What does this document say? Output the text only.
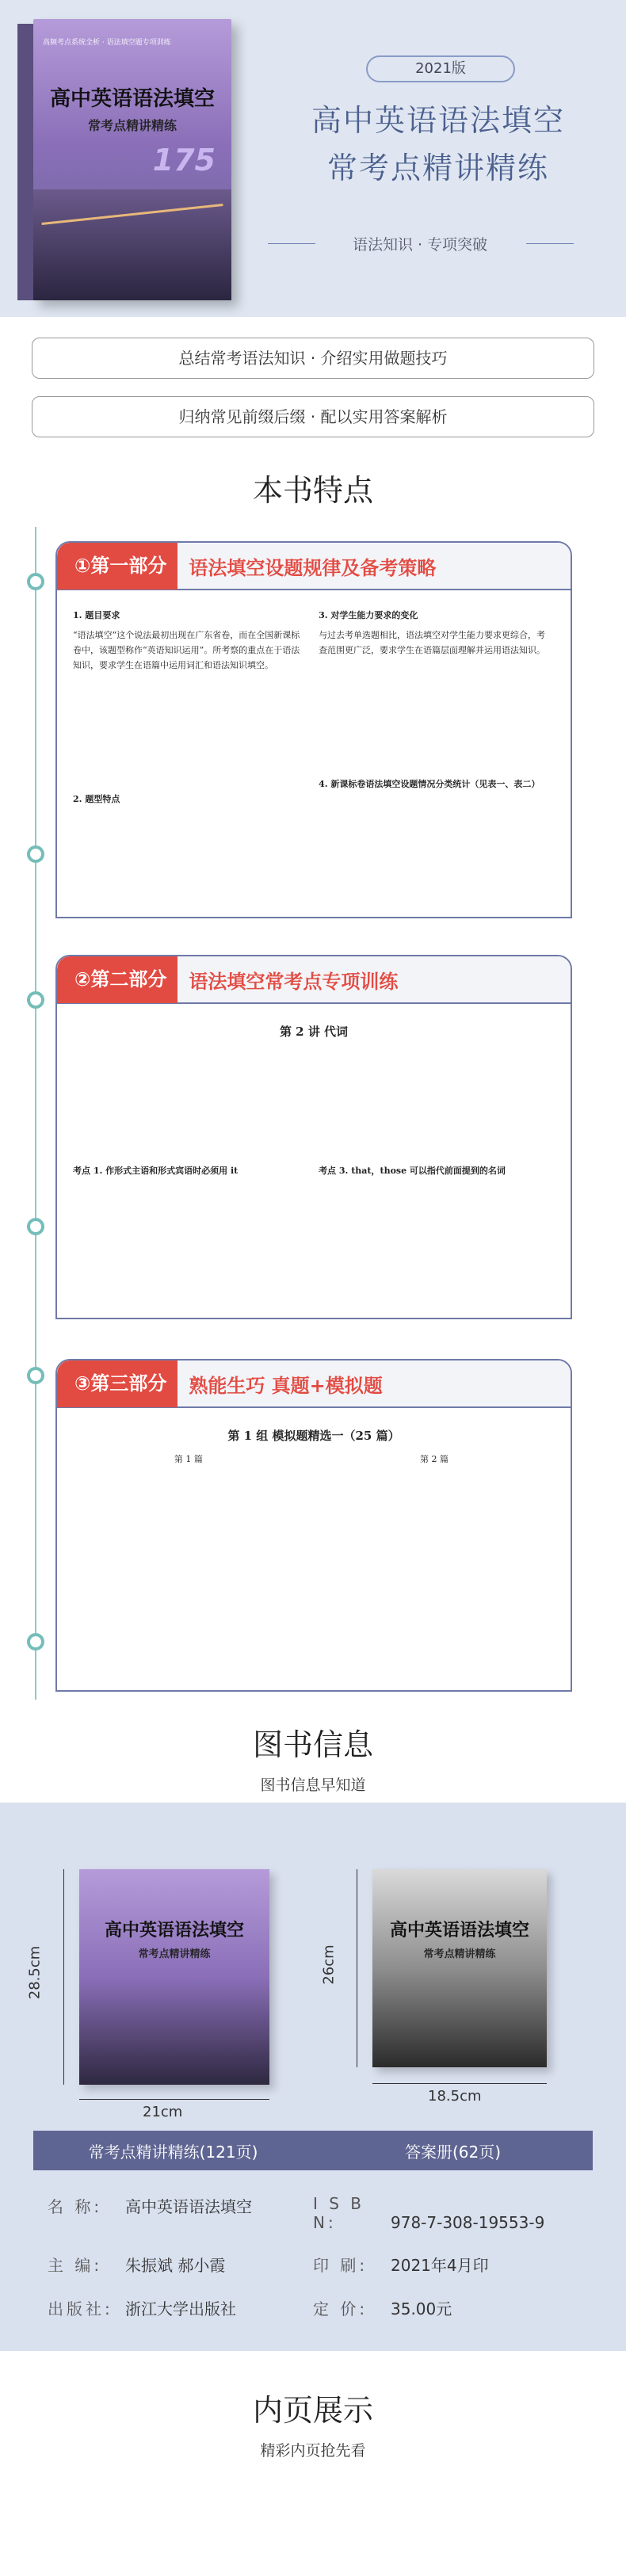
高频考点系统全析 · 语法填空题专项训练
高中英语语法填空
常考点精讲精练
175
2021版
高中英语语法填空
常考点精讲精练
语法知识 · 专项突破
总结常考语法知识 · 介绍实用做题技巧
归纳常见前缀后缀 · 配以实用答案解析
本书特点
①第一部分	语法填空设题规律及备考策略
1. 题目要求
“语法填空”这个说法最初出现在广东省卷，而在全国新课标卷中，该题型称作“英语知识运用”。所考察的重点在于语法知识，要求学生在语篇中运用词汇和语法知识填空。
2. 题型特点
3. 对学生能力要求的变化
与过去考单选题相比，语法填空对学生能力要求更综合，考查范围更广泛，要求学生在语篇层面理解并运用语法知识。
4. 新课标卷语法填空设题情况分类统计（见表一、表二）
②第二部分	语法填空常考点专项训练
第 2 讲 代词
考点 1. 作形式主语和形式宾语时必须用 it	考点 3. that，those 可以指代前面提到的名词
③第三部分	熟能生巧 真题+模拟题
第 1 组 模拟题精选一（25 篇）
第 1 篇	第 2 篇
图书信息
图书信息早知道
高中英语语法填空
常考点精讲精练
28.5cm
21cm
高中英语语法填空
常考点精讲精练
26cm
18.5cm
常考点精讲精练(121页)	答案册(62页)
名 称: 高中英语语法填空	I S B N:	978-7-308-19553-9
主 编: 朱振斌 郝小霞	印 刷: 2021年4月印
出版社: 浙江大学出版社	定 价: 35.00元
内页展示
精彩内页抢先看
